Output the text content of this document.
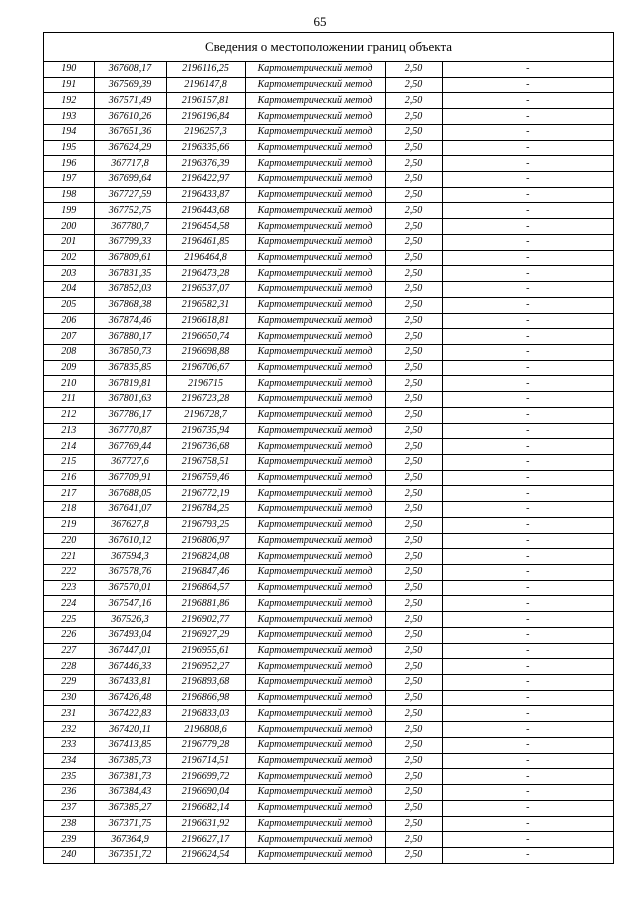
65
Сведения о местоположении границ объекта
190	367608,17	2196116,25	Картометрический метод	2,50	-
191	367569,39	2196147,8	Картометрический метод	2,50	-
192	367571,49	2196157,81	Картометрический метод	2,50	-
193	367610,26	2196196,84	Картометрический метод	2,50	-
194	367651,36	2196257,3	Картометрический метод	2,50	-
195	367624,29	2196335,66	Картометрический метод	2,50	-
196	367717,8	2196376,39	Картометрический метод	2,50	-
197	367699,64	2196422,97	Картометрический метод	2,50	-
198	367727,59	2196433,87	Картометрический метод	2,50	-
199	367752,75	2196443,68	Картометрический метод	2,50	-
200	367780,7	2196454,58	Картометрический метод	2,50	-
201	367799,33	2196461,85	Картометрический метод	2,50	-
202	367809,61	2196464,8	Картометрический метод	2,50	-
203	367831,35	2196473,28	Картометрический метод	2,50	-
204	367852,03	2196537,07	Картометрический метод	2,50	-
205	367868,38	2196582,31	Картометрический метод	2,50	-
206	367874,46	2196618,81	Картометрический метод	2,50	-
207	367880,17	2196650,74	Картометрический метод	2,50	-
208	367850,73	2196698,88	Картометрический метод	2,50	-
209	367835,85	2196706,67	Картометрический метод	2,50	-
210	367819,81	2196715	Картометрический метод	2,50	-
211	367801,63	2196723,28	Картометрический метод	2,50	-
212	367786,17	2196728,7	Картометрический метод	2,50	-
213	367770,87	2196735,94	Картометрический метод	2,50	-
214	367769,44	2196736,68	Картометрический метод	2,50	-
215	367727,6	2196758,51	Картометрический метод	2,50	-
216	367709,91	2196759,46	Картометрический метод	2,50	-
217	367688,05	2196772,19	Картометрический метод	2,50	-
218	367641,07	2196784,25	Картометрический метод	2,50	-
219	367627,8	2196793,25	Картометрический метод	2,50	-
220	367610,12	2196806,97	Картометрический метод	2,50	-
221	367594,3	2196824,08	Картометрический метод	2,50	-
222	367578,76	2196847,46	Картометрический метод	2,50	-
223	367570,01	2196864,57	Картометрический метод	2,50	-
224	367547,16	2196881,86	Картометрический метод	2,50	-
225	367526,3	2196902,77	Картометрический метод	2,50	-
226	367493,04	2196927,29	Картометрический метод	2,50	-
227	367447,01	2196955,61	Картометрический метод	2,50	-
228	367446,33	2196952,27	Картометрический метод	2,50	-
229	367433,81	2196893,68	Картометрический метод	2,50	-
230	367426,48	2196866,98	Картометрический метод	2,50	-
231	367422,83	2196833,03	Картометрический метод	2,50	-
232	367420,11	2196808,6	Картометрический метод	2,50	-
233	367413,85	2196779,28	Картометрический метод	2,50	-
234	367385,73	2196714,51	Картометрический метод	2,50	-
235	367381,73	2196699,72	Картометрический метод	2,50	-
236	367384,43	2196690,04	Картометрический метод	2,50	-
237	367385,27	2196682,14	Картометрический метод	2,50	-
238	367371,75	2196631,92	Картометрический метод	2,50	-
239	367364,9	2196627,17	Картометрический метод	2,50	-
240	367351,72	2196624,54	Картометрический метод	2,50	-
